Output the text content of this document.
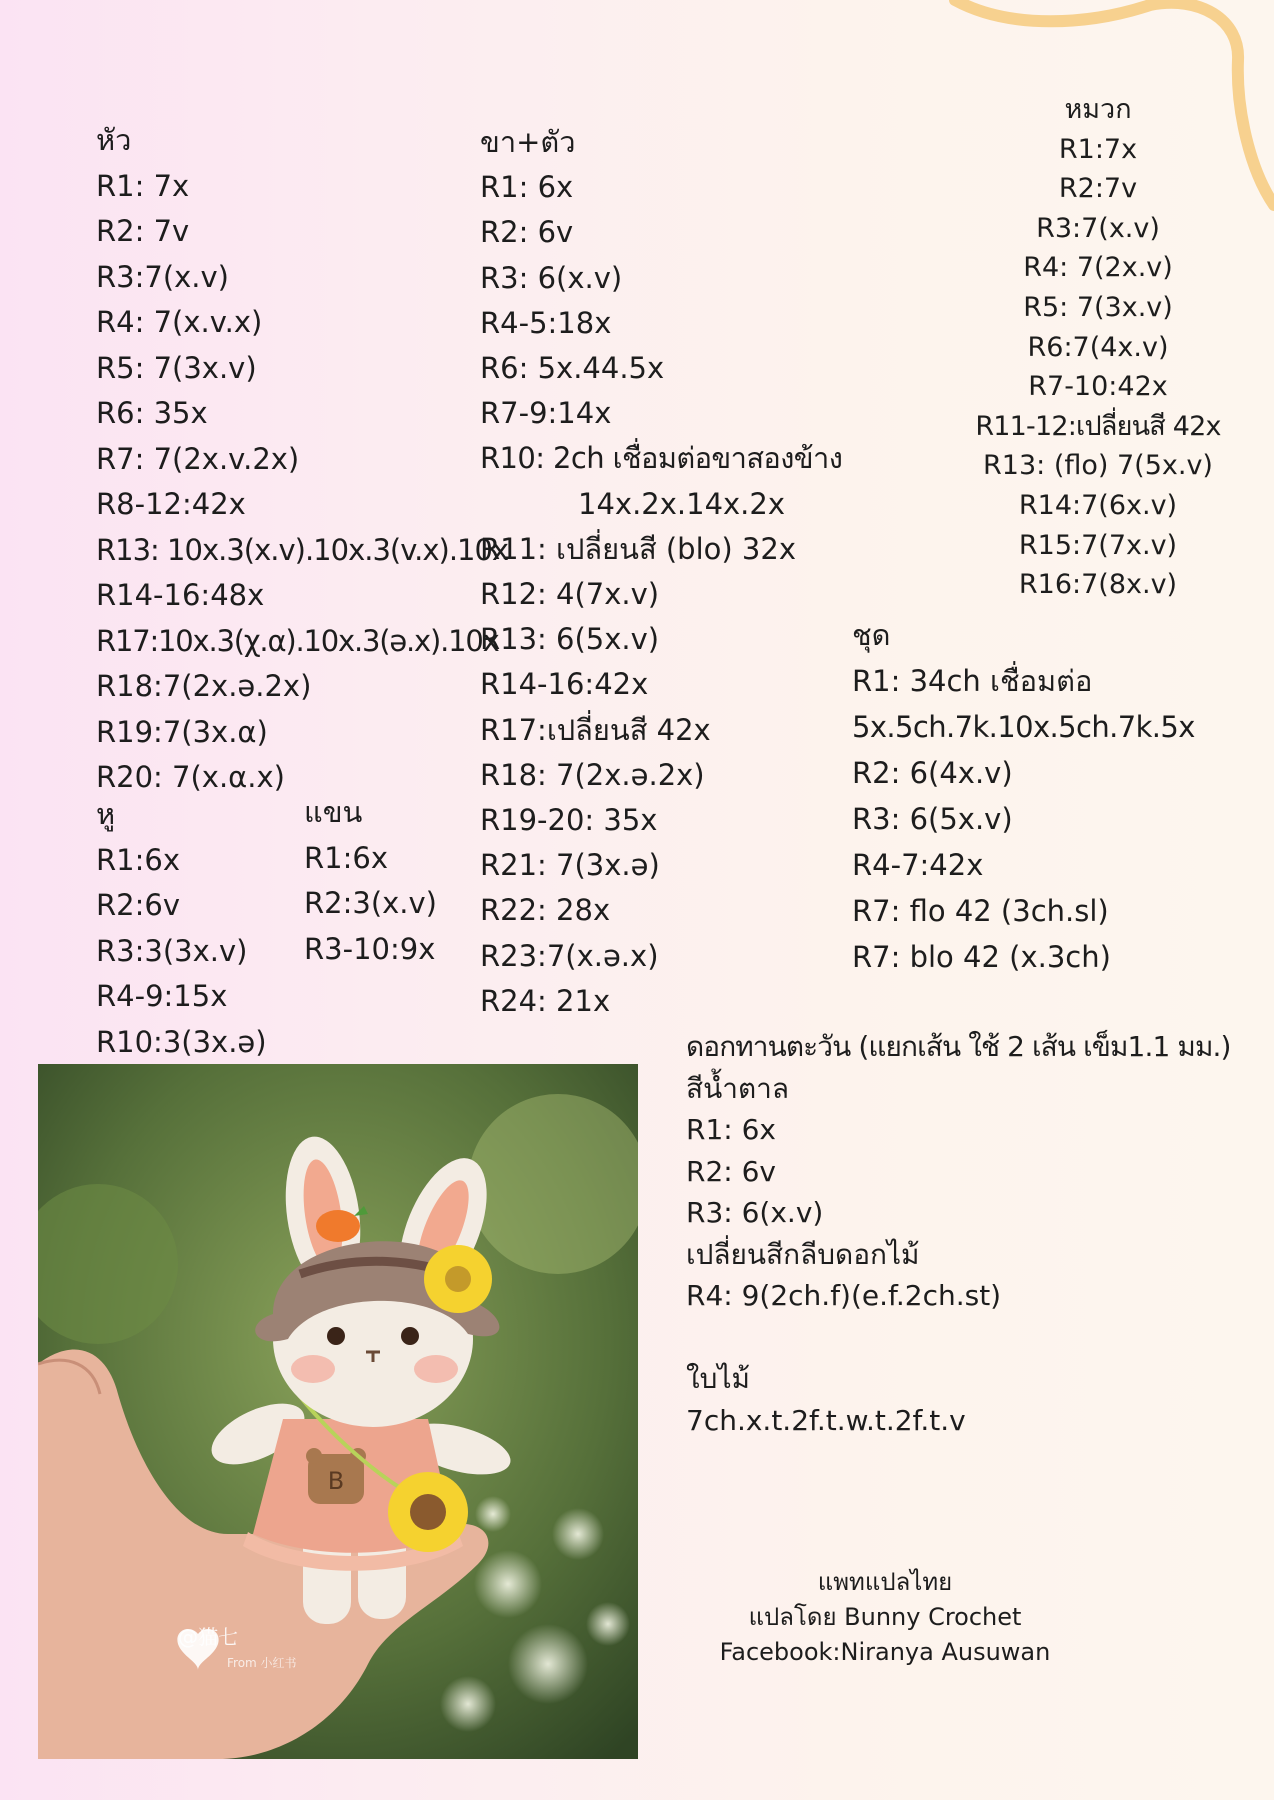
หัว
R1: 7x
R2: 7v
R3:7(x.v)
R4: 7(x.v.x)
R5: 7(3x.v)
R6: 35x
R7: 7(2x.v.2x)
R8-12:42x
R13: 10x.3(x.v).10x.3(v.x).10x
R14-16:48x
R17:10x.3(χ.α).10x.3(ə.x).10x
R18:7(2x.ə.2x)
R19:7(3x.α)
R20: 7(x.α.x)
หู
R1:6x
R2:6v
R3:3(3x.v)
R4-9:15x
R10:3(3x.ə)
แขน
R1:6x
R2:3(x.v)
R3-10:9x
ขา+ตัว
R1: 6x
R2: 6v
R3: 6(x.v)
R4-5:18x
R6: 5x.44.5x
R7-9:14x
R10: 2ch เชื่อมต่อขาสองข้าง
14x.2x.14x.2x
R11: เปลี่ยนสี (blo) 32x
R12: 4(7x.v)
R13: 6(5x.v)
R14-16:42x
R17:เปลี่ยนสี 42x
R18: 7(2x.ə.2x)
R19-20: 35x
R21: 7(3x.ə)
R22: 28x
R23:7(x.ə.x)
R24: 21x
หมวก
R1:7x
R2:7v
R3:7(x.v)
R4: 7(2x.v)
R5: 7(3x.v)
R6:7(4x.v)
R7-10:42x
R11-12:เปลี่ยนสี 42x
R13: (flo) 7(5x.v)
R14:7(6x.v)
R15:7(7x.v)
R16:7(8x.v)
ชุด
R1: 34ch เชื่อมต่อ
5x.5ch.7k.10x.5ch.7k.5x
R2: 6(4x.v)
R3: 6(5x.v)
R4-7:42x
R7: flo 42 (3ch.sl)
R7: blo 42 (x.3ch)
ดอกทานตะวัน (แยกเส้น ใช้ 2 เส้น เข็ม1.1 มม.)
สีน้ำตาล
R1: 6x
R2: 6v
R3: 6(x.v)
เปลี่ยนสีกลีบดอกไม้
R4: 9(2ch.f)(e.f.2ch.st)
ใบไม้
7ch.x.t.2f.t.w.t.2f.t.v
แพทแปลไทย
แปลโดย Bunny Crochet
Facebook:Niranya Ausuwan
B
@猫七
From 小红书
